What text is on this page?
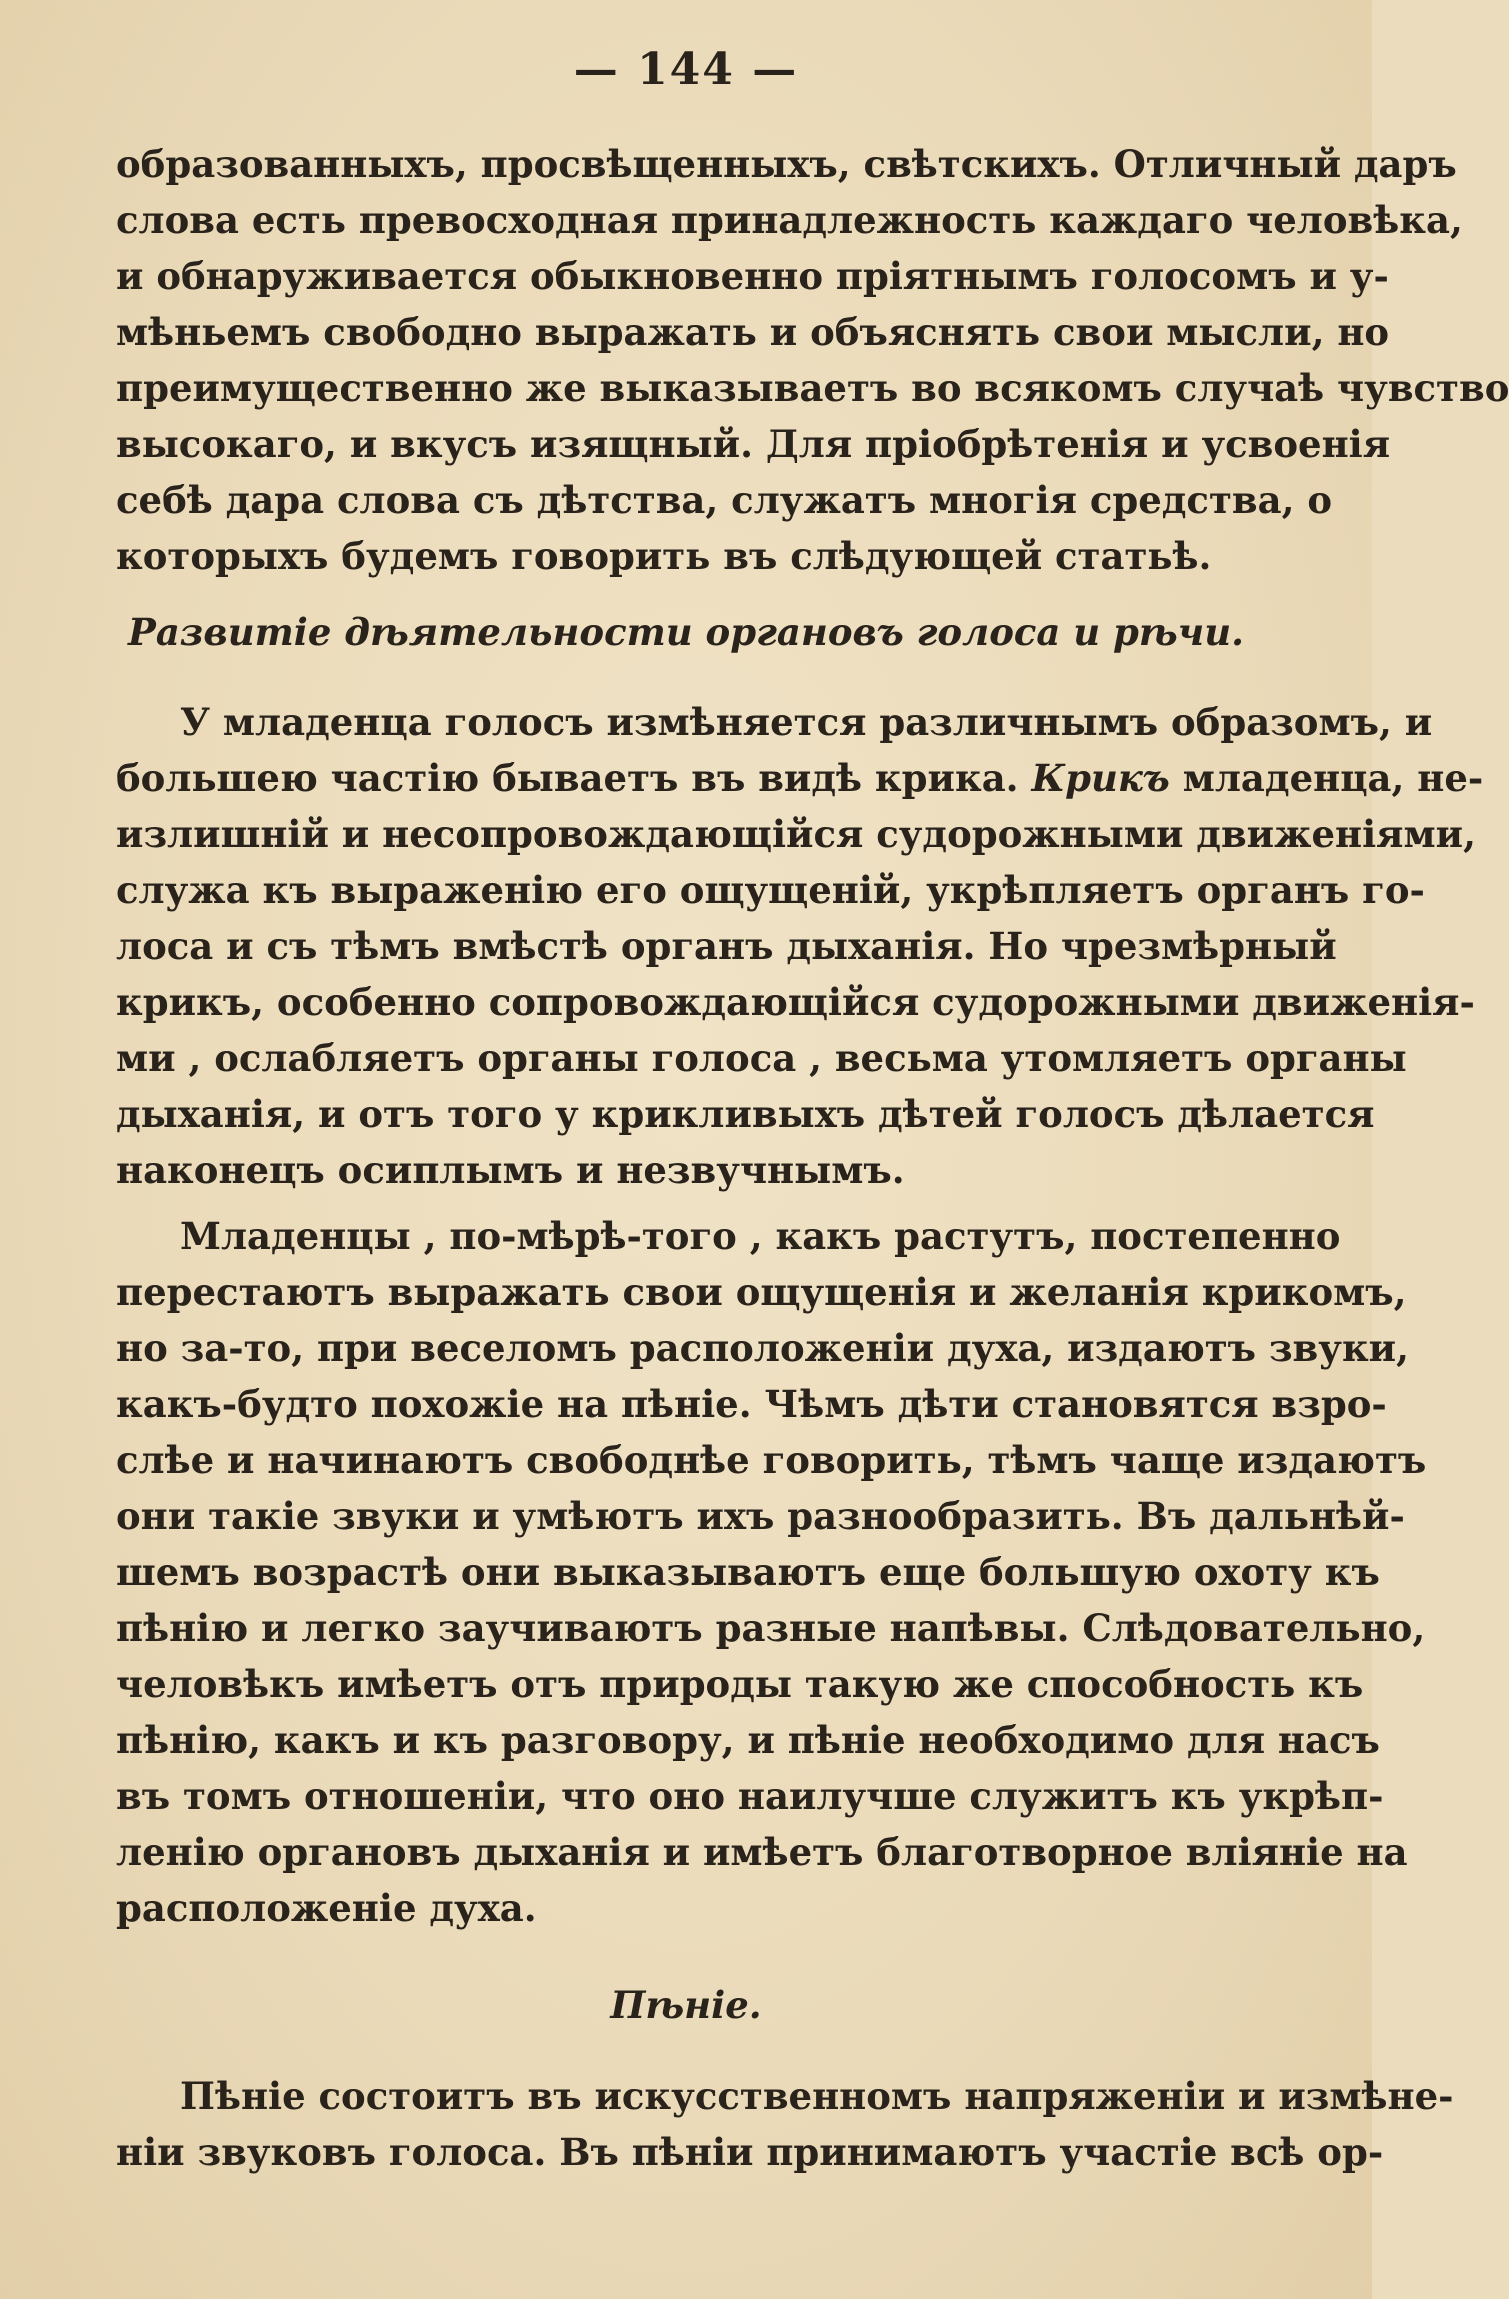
— 144 —
образованныхъ, просвѣщенныхъ, свѣтскихъ. Отличный даръ
слова есть превосходная принадлежность каждаго человѣка,
и обнаруживается обыкновенно пріятнымъ голосомъ и у-
мѣньемъ свободно выражать и объяснять свои мысли, но
преимущественно же выказываетъ во всякомъ случаѣ чувство
высокаго, и вкусъ изящный. Для пріобрѣтенія и усвоенія
себѣ дара слова съ дѣтства, служатъ многія средства, о
которыхъ будемъ говорить въ слѣдующей статьѣ.
Развитіе дѣятельности органовъ голоса и рѣчи.
У младенца голосъ измѣняется различнымъ образомъ, и
большею частію бываетъ въ видѣ крика. Крикъ младенца, не-
излишній и несопровождающійся судорожными движеніями,
служа къ выраженію его ощущеній, укрѣпляетъ органъ го-
лоса и съ тѣмъ вмѣстѣ органъ дыханія. Но чрезмѣрный
крикъ, особенно сопровождающійся судорожными движенія-
ми , ослабляетъ органы голоса , весьма утомляетъ органы
дыханія, и отъ того у крикливыхъ дѣтей голосъ дѣлается
наконецъ осиплымъ и незвучнымъ.
Младенцы , по-мѣрѣ-того , какъ растутъ, постепенно
перестаютъ выражать свои ощущенія и желанія крикомъ,
но за-то, при веселомъ расположеніи духа, издаютъ звуки,
какъ-будто похожіе на пѣніе. Чѣмъ дѣти становятся взро-
слѣе и начинаютъ свободнѣе говорить, тѣмъ чаще издаютъ
они такіе звуки и умѣютъ ихъ разнообразить. Въ дальнѣй-
шемъ возрастѣ они выказываютъ еще большую охоту къ
пѣнію и легко заучиваютъ разные напѣвы. Слѣдовательно,
человѣкъ имѣетъ отъ природы такую же способность къ
пѣнію, какъ и къ разговору, и пѣніе необходимо для насъ
въ томъ отношеніи, что оно наилучше служитъ къ укрѣп-
ленію органовъ дыханія и имѣетъ благотворное вліяніе на
расположеніе духа.
Пѣніе.
Пѣніе состоитъ въ искусственномъ напряженіи и измѣне-
ніи звуковъ голоса. Въ пѣніи принимаютъ участіе всѣ ор-
